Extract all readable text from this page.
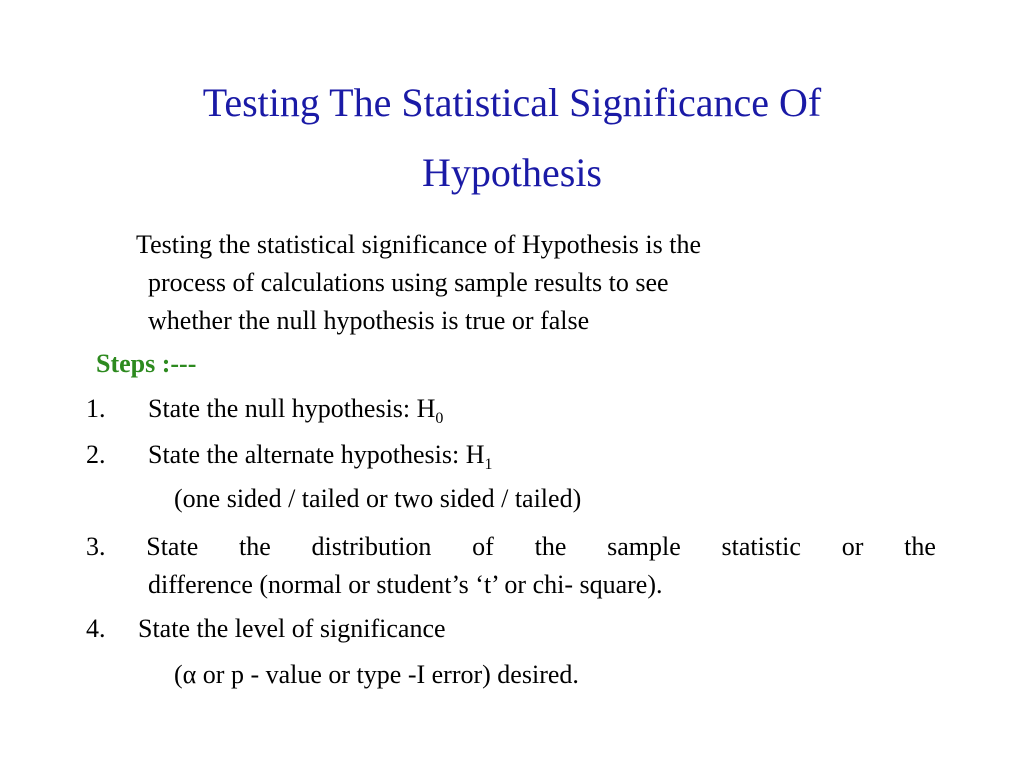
Testing The Statistical Significance Of
Hypothesis

Testing the statistical significance of Hypothesis is the
process of calculations using sample results to see
whether the null hypothesis is true or false

Steps :---
1. State the null hypothesis: $H_0$
2. State the alternate hypothesis: $H_1$
(one sided / tailed or two sided / tailed)
3. State the distribution of the sample statistic or the
difference (normal or student’s ‘t’ or chi- square).
4. State the level of significance
(α or p - value or type -I error) desired.
